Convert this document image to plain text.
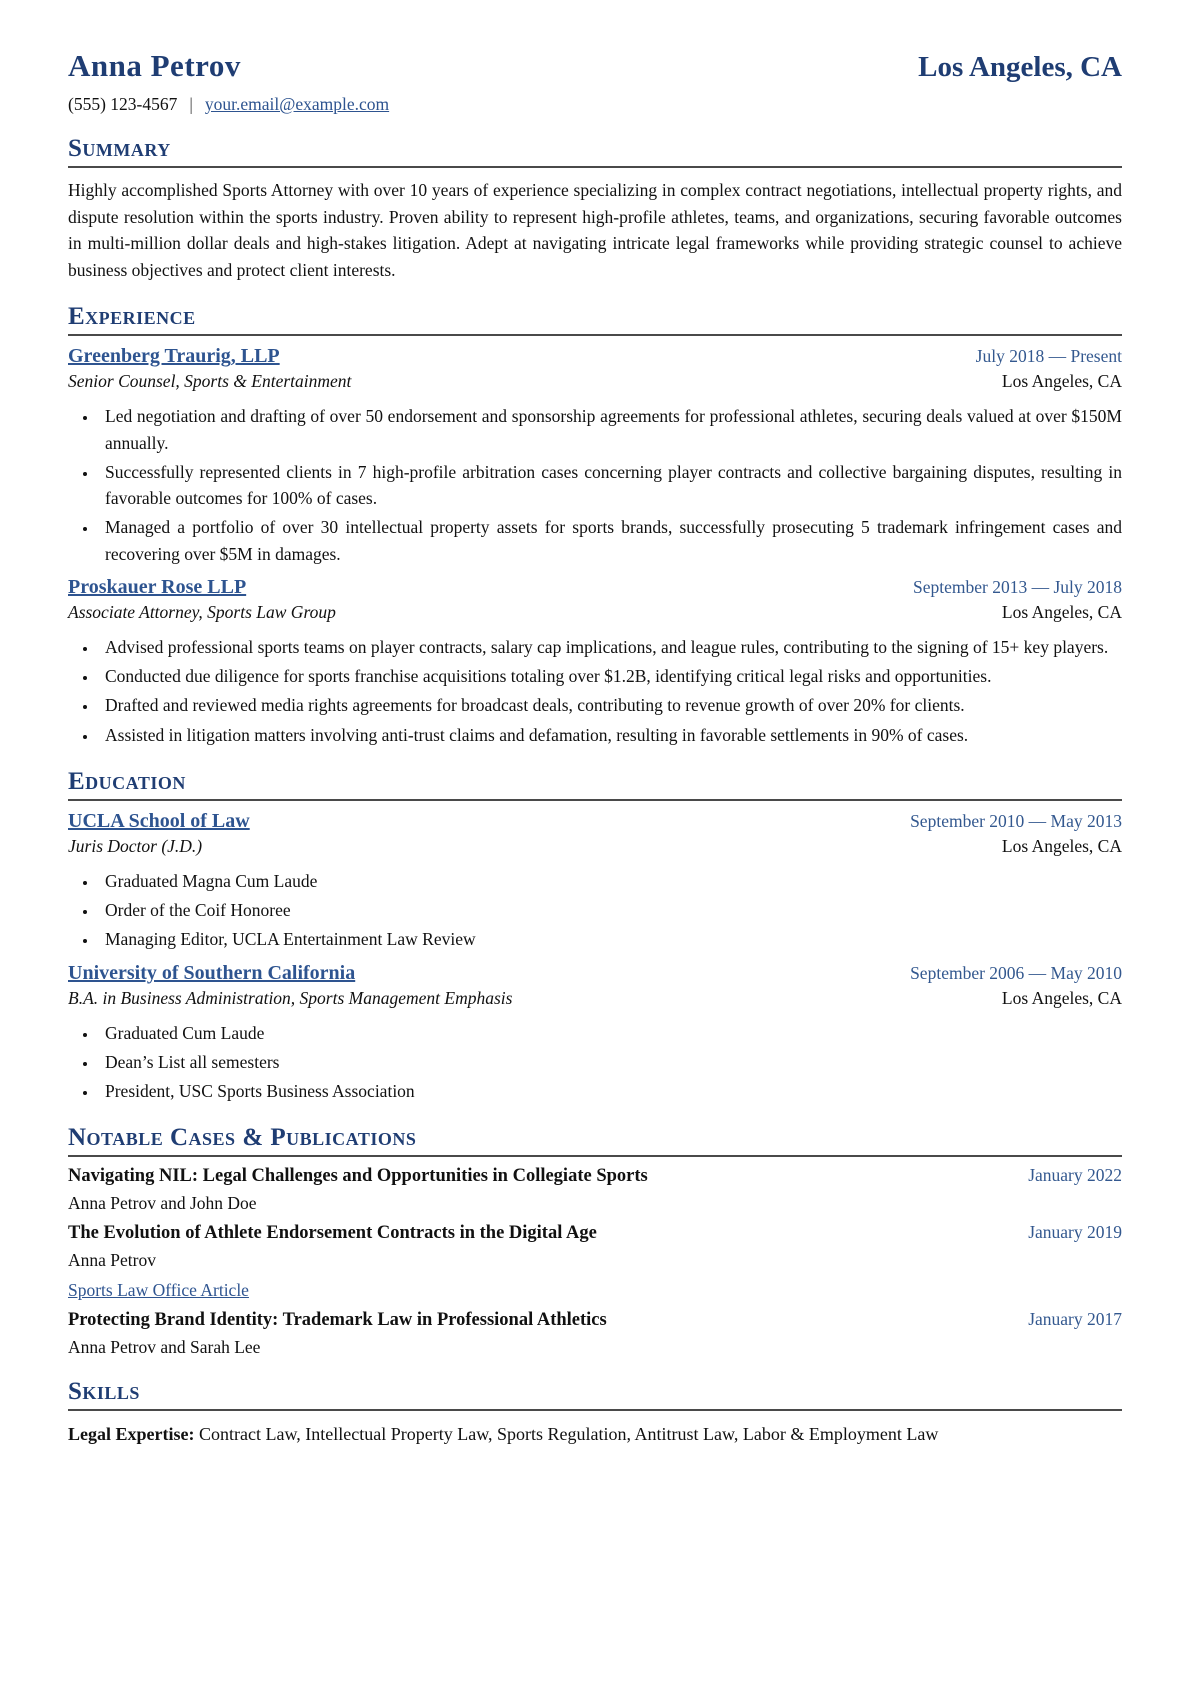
Anna Petrov	Los Angeles, CA
(555) 123-4567 | your.email@example.com
Summary
Highly accomplished Sports Attorney with over 10 years of experience specializing in complex contract negotiations, intellectual property rights, and dispute resolution within the sports industry. Proven ability to represent high-profile athletes, teams, and organizations, securing favorable outcomes in multi-million dollar deals and high-stakes litigation. Adept at navigating intricate legal frameworks while providing strategic counsel to achieve business objectives and protect client interests.
Experience
Greenberg Traurig, LLP	July 2018 — Present
Senior Counsel, Sports & Entertainment	Los Angeles, CA
• Led negotiation and drafting of over 50 endorsement and sponsorship agreements for professional athletes, securing deals valued at over $150M annually.
• Successfully represented clients in 7 high-profile arbitration cases concerning player contracts and collective bargaining disputes, resulting in favorable outcomes for 100% of cases.
• Managed a portfolio of over 30 intellectual property assets for sports brands, successfully prosecuting 5 trademark infringement cases and recovering over $5M in damages.
Proskauer Rose LLP	September 2013 — July 2018
Associate Attorney, Sports Law Group	Los Angeles, CA
• Advised professional sports teams on player contracts, salary cap implications, and league rules, contributing to the signing of 15+ key players.
• Conducted due diligence for sports franchise acquisitions totaling over $1.2B, identifying critical legal risks and opportunities.
• Drafted and reviewed media rights agreements for broadcast deals, contributing to revenue growth of over 20% for clients.
• Assisted in litigation matters involving anti-trust claims and defamation, resulting in favorable settlements in 90% of cases.
Education
UCLA School of Law	September 2010 — May 2013
Juris Doctor (J.D.)	Los Angeles, CA
• Graduated Magna Cum Laude
• Order of the Coif Honoree
• Managing Editor, UCLA Entertainment Law Review
University of Southern California	September 2006 — May 2010
B.A. in Business Administration, Sports Management Emphasis	Los Angeles, CA
• Graduated Cum Laude
• Dean’s List all semesters
• President, USC Sports Business Association
Notable Cases & Publications
Navigating NIL: Legal Challenges and Opportunities in Collegiate Sports	January 2022
Anna Petrov and John Doe
The Evolution of Athlete Endorsement Contracts in the Digital Age	January 2019
Anna Petrov
Sports Law Office Article
Protecting Brand Identity: Trademark Law in Professional Athletics	January 2017
Anna Petrov and Sarah Lee
Skills
Legal Expertise: Contract Law, Intellectual Property Law, Sports Regulation, Antitrust Law, Labor & Employment Law
